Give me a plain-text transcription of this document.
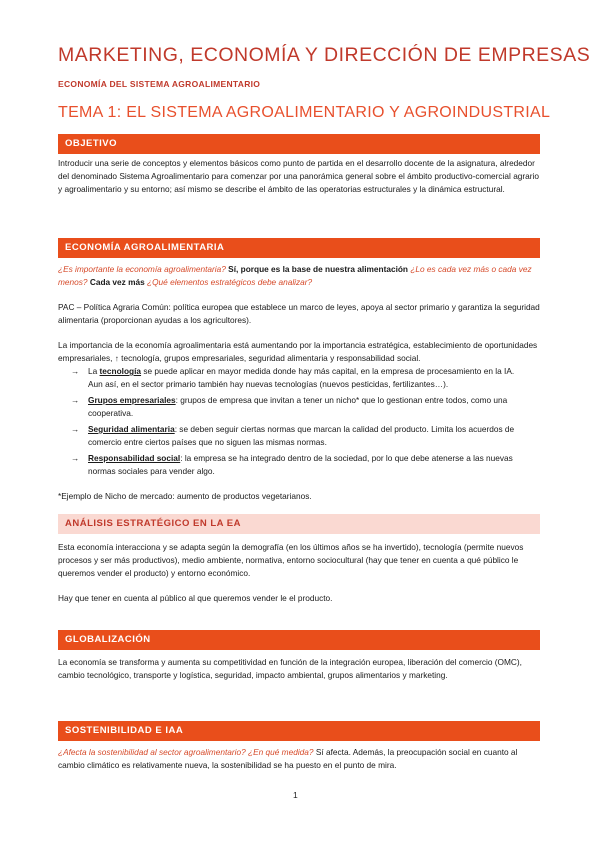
MARKETING, ECONOMÍA Y DIRECCIÓN DE EMPRESAS
ECONOMÍA DEL SISTEMA AGROALIMENTARIO
TEMA 1: EL SISTEMA AGROALIMENTARIO Y AGROINDUSTRIAL
OBJETIVO
Introducir una serie de conceptos y elementos básicos como punto de partida en el desarrollo docente de la asignatura, alrededor del denominado Sistema Agroalimentario para comenzar por una panorámica general sobre el ámbito productivo-comercial agrario y agroalimentario y su entorno; así mismo se describe el ámbito de las operatorias estructurales y la dinámica estructural.
ECONOMÍA AGROALIMENTARIA
¿Es importante la economía agroalimentaria? Sí, porque es la base de nuestra alimentación ¿Lo es cada vez más o cada vez menos? Cada vez más ¿Qué elementos estratégicos debe analizar?
PAC – Política Agraria Común: política europea que establece un marco de leyes, apoya al sector primario y garantiza la seguridad alimentaria (proporcionan ayudas a los agricultores).
La importancia de la economía agroalimentaria está aumentando por la importancia estratégica, establecimiento de oportunidades empresariales, ↑ tecnología, grupos empresariales, seguridad alimentaria y responsabilidad social.
→ La tecnología se puede aplicar en mayor medida donde hay más capital, en la empresa de procesamiento en la IA. Aun así, en el sector primario también hay nuevas tecnologías (nuevos pesticidas, fertilizantes…).
→ Grupos empresariales: grupos de empresa que invitan a tener un nicho* que lo gestionan entre todos, como una cooperativa.
→ Seguridad alimentaria: se deben seguir ciertas normas que marcan la calidad del producto. Limita los acuerdos de comercio entre ciertos países que no siguen las mismas normas.
→ Responsabilidad social: la empresa se ha integrado dentro de la sociedad, por lo que debe atenerse a las nuevas normas sociales para vender algo.
*Ejemplo de Nicho de mercado: aumento de productos vegetarianos.
ANÁLISIS ESTRATÉGICO EN LA EA
Esta economía interacciona y se adapta según la demografía (en los últimos años se ha invertido), tecnología (permite nuevos procesos y ser más productivos), medio ambiente, normativa, entorno sociocultural (hay que tener en cuenta a qué público le queremos vender el producto) y entorno económico.
Hay que tener en cuenta al público al que queremos vender le el producto.
GLOBALIZACIÓN
La economía se transforma y aumenta su competitividad en función de la integración europea, liberación del comercio (OMC), cambio tecnológico, transporte y logística, seguridad, impacto ambiental, grupos alimentarios y marketing.
SOSTENIBILIDAD E IAA
¿Afecta la sostenibilidad al sector agroalimentario? ¿En qué medida? Sí afecta. Además, la preocupación social en cuanto al cambio climático es relativamente nueva, la sostenibilidad se ha puesto en el punto de mira.
1
